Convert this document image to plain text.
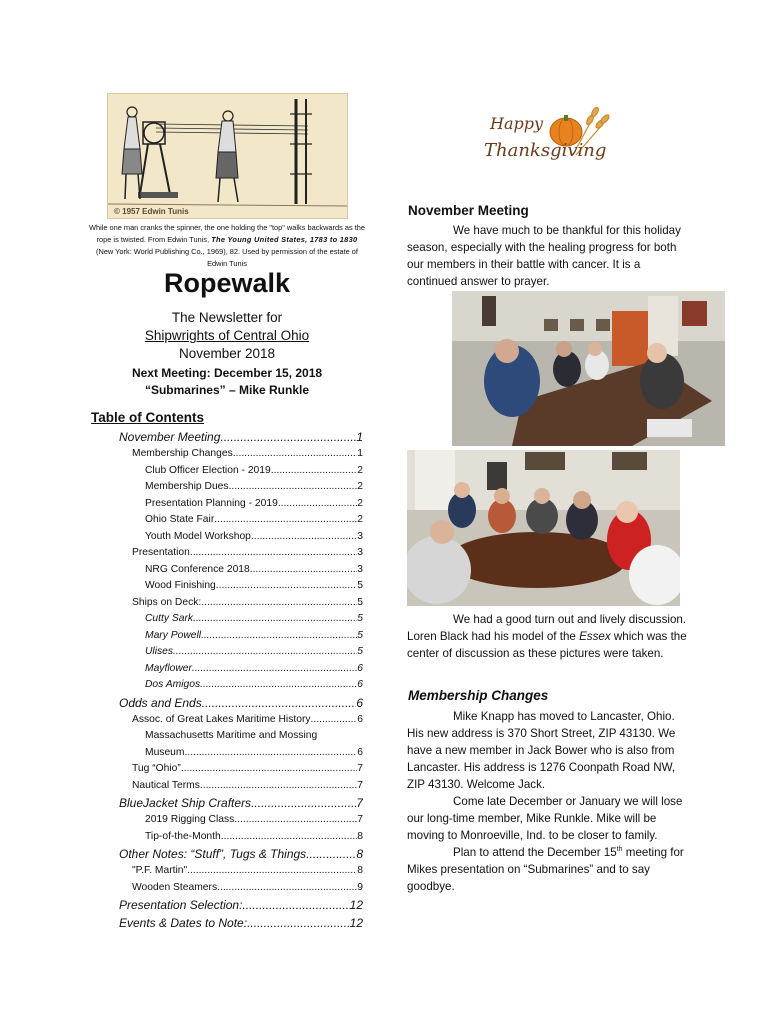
© 1957 Edwin Tunis
While one man cranks the spinner, the one holding the "top" walks backwards as the rope is twisted. From Edwin Tunis, The Young United States, 1783 to 1830 (New York: World Publishing Co., 1969), 82. Used by permission of the estate of Edwin Tunis
Ropewalk
The Newsletter for
Shipwrights of Central Ohio
November 2018
Next Meeting: December 15, 2018
“Submarines” – Mike Runkle
Table of Contents
November Meeting .....	1
Membership Changes .....	1
Club Officer Election - 2019 .....	2
Membership Dues .....	2
Presentation Planning - 2019 .....	2
Ohio State Fair .....	2
Youth Model Workshop .....	3
Presentation .....	3
NRG Conference 2018 .....	3
Wood Finishing .....	5
Ships on Deck: .....	5
Cutty Sark .....	5
Mary Powell .....	5
Ulises .....	5
Mayflower .....	6
Dos Amigos .....	6
Odds and Ends .....	6
Assoc. of Great Lakes Maritime History .....	6
Massachusetts Maritime and Mossing
Museum .....	6
Tug “Ohio” .....	7
Nautical Terms .....	7
BlueJacket Ship Crafters .....	7
2019 Rigging Class .....	7
Tip-of-the-Month .....	8
Other Notes: “Stuff”, Tugs & Things .....	8
"P.F. Martin" .....	8
Wooden Steamers .....	9
Presentation Selection: .....	12
Events & Dates to Note: .....	12
Happy
Thanksgiving
November Meeting
We have much to be thankful for this holiday season, especially with the healing progress for both our members in their battle with cancer. It is a continued answer to prayer.
We had a good turn out and lively discussion. Loren Black had his model of the Essex which was the center of discussion as these pictures were taken.
Membership Changes
Mike Knapp has moved to Lancaster, Ohio. His new address is 370 Short Street, ZIP 43130. We have a new member in Jack Bower who is also from Lancaster. His address is 1276 Coonpath Road NW, ZIP 43130. Welcome Jack.
Come late December or January we will lose our long-time member, Mike Runkle. Mike will be moving to Monroeville, Ind. to be closer to family.
Plan to attend the December 15th meeting for Mikes presentation on “Submarines” and to say goodbye.
